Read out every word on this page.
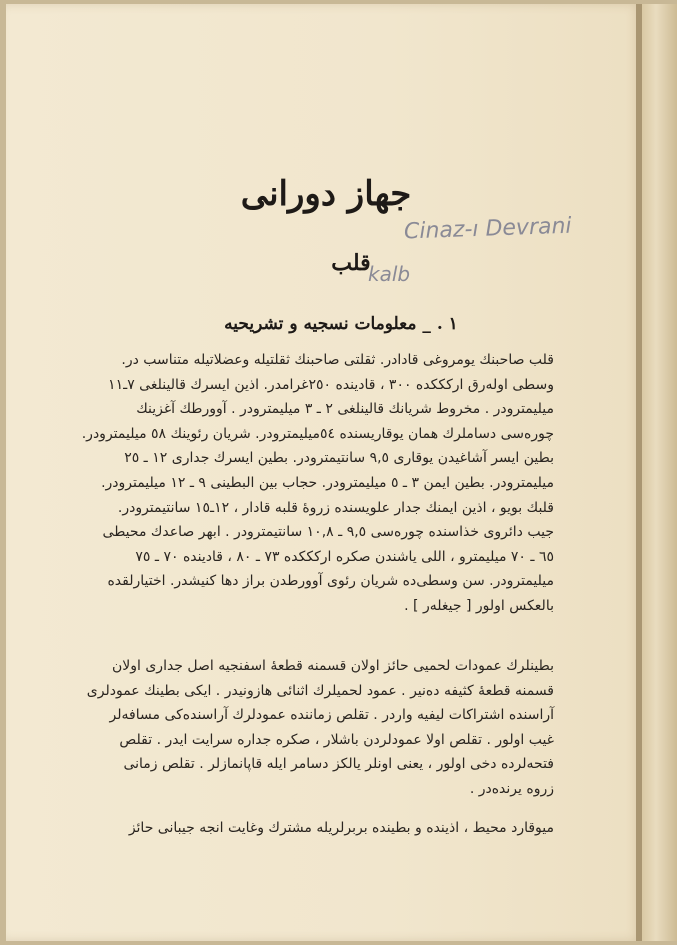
جهاز دورانى
Cinaz-ı Devrani
قلب
kalb
١ . _ معلومات نسجيه و تشريحيه
قلب صاحبنك يومروغى قادادر. ثقلتى صاحبنك ثقلتيله وعضلاتيله متناسب در.
وسطى اولەرق اركككده ٣٠٠ ، قادينده ٢٥٠غرامدر. اذين ايسرك قالينلغى ٧ـ١١
ميليمترودر . مخروط شريانك قالينلغى ٢ ـ ٣ ميليمترودر . آوورطك آغزينك
چوره‌سى دساملرك همان يوقاريسنده ٥٤ميليمترودر. شريان رئوينك ٥٨ ميليمترودر.
بطين ايسر آشاغيدن يوقارى ٩,٥ سانتيمترودر. بطين ايسرك جدارى ١٢ ـ ٢٥
ميليمترودر. بطين ايمن ٣ ـ ٥ ميليمترودر. حجاب بين البطينى ٩ ـ ١٢ ميليمترودر.
قلبك بويو ، اذين ايمنك جدار علويسنده زروهٔ قلبه قادار ، ١٢ـ١٥ سانتيمترودر.
جيب دائروى خذاسنده چوره‌سى ٩,٥ ـ ١٠,٨ سانتيمترودر . ابهر صاعدك محيطى
٦٥ ـ ٧٠ ميليمترو ، اللى ياشندن صكره اركككده ٧٣ ـ ٨٠ ، قادينده ٧٠ ـ ٧٥
ميليمترودر. سن وسطى‌ده شريان رئوى آوورطدن براز دها كنيشدر. اختيارلقده
بالعكس اولور [ جيغلەر ] .
بطينلرك عمودات لحميى حائز اولان قسمنه قطعهٔ اسفنجيه اصل جدارى اولان
قسمنه قطعهٔ كثيفه دەنير . عمود لحميلرك اثنائى هازونيدر . ايكى بطينك عمودلرى
آراسنده اشتراكات ليفيه واردر . تقلص زماننده عمودلرك آراسندەكى مسافەلر
غيب اولور . تقلص اولا عمودلردن باشلار ، صكره جدارە سرايت ايدر . تقلص
فتحەلرده دخى اولور ، يعنى اونلر يالكز دسامر ايله قاپانمازلر . تقلص زمانى
زروه يرندەدر .
ميوقارد محيط ، اذينده و بطينده بربرلريله مشترك وغايت انجه جيبانى حائز
